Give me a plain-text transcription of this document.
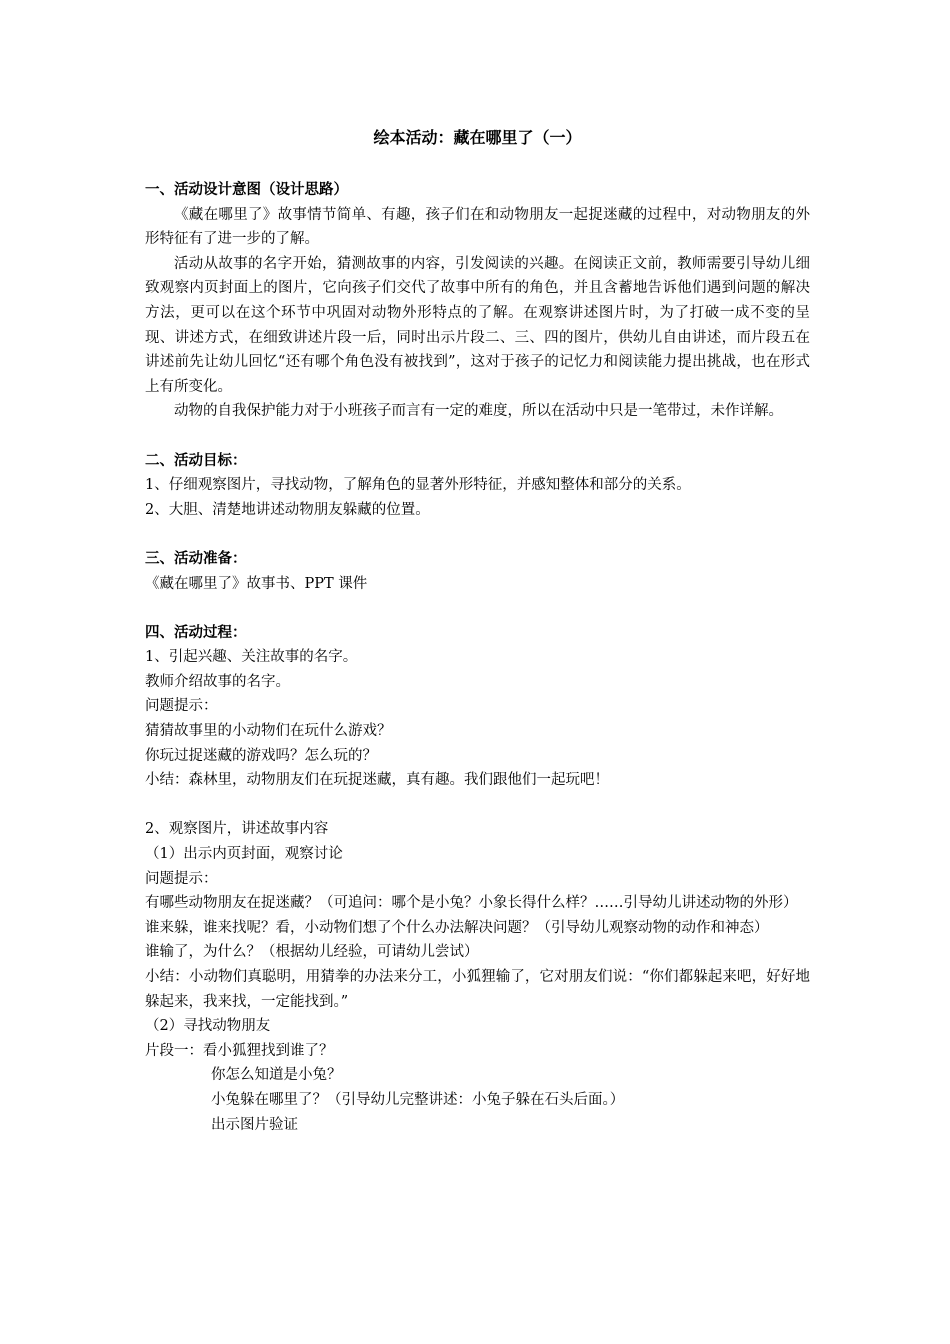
绘本活动：藏在哪里了（一）

一、活动设计意图（设计思路）

《藏在哪里了》故事情节简单、有趣，孩子们在和动物朋友一起捉迷藏的过程中，对动物朋友的外形特征有了进一步的了解。

活动从故事的名字开始，猜测故事的内容，引发阅读的兴趣。在阅读正文前，教师需要引导幼儿细致观察内页封面上的图片，它向孩子们交代了故事中所有的角色，并且含蓄地告诉他们遇到问题的解决方法，更可以在这个环节中巩固对动物外形特点的了解。在观察讲述图片时，为了打破一成不变的呈现、讲述方式，在细致讲述片段一后，同时出示片段二、三、四的图片，供幼儿自由讲述，而片段五在讲述前先让幼儿回忆“还有哪个角色没有被找到”，这对于孩子的记忆力和阅读能力提出挑战，也在形式上有所变化。

动物的自我保护能力对于小班孩子而言有一定的难度，所以在活动中只是一笔带过，未作详解。

二、活动目标：

1、仔细观察图片，寻找动物，了解角色的显著外形特征，并感知整体和部分的关系。

2、大胆、清楚地讲述动物朋友躲藏的位置。

三、活动准备：

《藏在哪里了》故事书、PPT 课件

四、活动过程：

1、引起兴趣、关注故事的名字。

教师介绍故事的名字。

问题提示：

猜猜故事里的小动物们在玩什么游戏？

你玩过捉迷藏的游戏吗？怎么玩的？

小结：森林里，动物朋友们在玩捉迷藏，真有趣。我们跟他们一起玩吧！

2、观察图片，讲述故事内容

（1）出示内页封面，观察讨论

问题提示：

有哪些动物朋友在捉迷藏？（可追问：哪个是小兔？小象长得什么样？……引导幼儿讲述动物的外形）

谁来躲，谁来找呢？看，小动物们想了个什么办法解决问题？（引导幼儿观察动物的动作和神态）

谁输了，为什么？（根据幼儿经验，可请幼儿尝试）

小结：小动物们真聪明，用猜拳的办法来分工，小狐狸输了，它对朋友们说：“你们都躲起来吧，好好地躲起来，我来找，一定能找到。”

（2）寻找动物朋友

片段一：看小狐狸找到谁了？

你怎么知道是小兔？

小兔躲在哪里了？（引导幼儿完整讲述：小兔子躲在石头后面。）

出示图片验证
